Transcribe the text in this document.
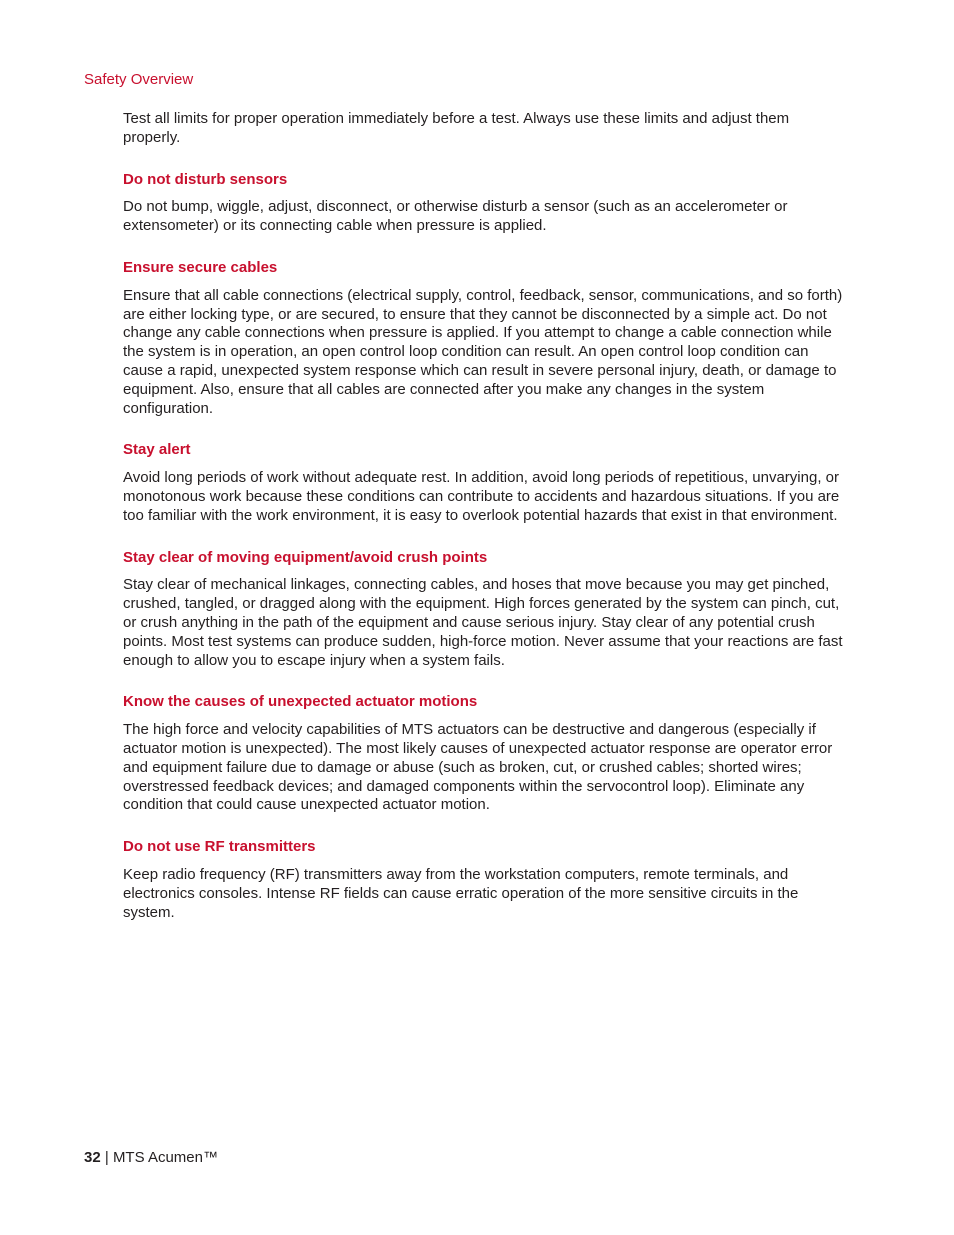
Safety Overview

Test all limits for proper operation immediately before a test. Always use these limits and adjust them properly.

Do not disturb sensors

Do not bump, wiggle, adjust, disconnect, or otherwise disturb a sensor (such as an accelerometer or extensometer) or its connecting cable when pressure is applied.

Ensure secure cables

Ensure that all cable connections (electrical supply, control, feedback, sensor, communications, and so forth) are either locking type, or are secured, to ensure that they cannot be disconnected by a simple act. Do not change any cable connections when pressure is applied. If you attempt to change a cable connection while the system is in operation, an open control loop condition can result. An open control loop condition can cause a rapid, unexpected system response which can result in severe personal injury, death, or damage to equipment. Also, ensure that all cables are connected after you make any changes in the system configuration.

Stay alert

Avoid long periods of work without adequate rest. In addition, avoid long periods of repetitious, unvarying, or monotonous work because these conditions can contribute to accidents and hazardous situations. If you are too familiar with the work environment, it is easy to overlook potential hazards that exist in that environment.

Stay clear of moving equipment/avoid crush points

Stay clear of mechanical linkages, connecting cables, and hoses that move because you may get pinched, crushed, tangled, or dragged along with the equipment. High forces generated by the system can pinch, cut, or crush anything in the path of the equipment and cause serious injury. Stay clear of any potential crush points. Most test systems can produce sudden, high-force motion. Never assume that your reactions are fast enough to allow you to escape injury when a system fails.

Know the causes of unexpected actuator motions

The high force and velocity capabilities of MTS actuators can be destructive and dangerous (especially if actuator motion is unexpected). The most likely causes of unexpected actuator response are operator error and equipment failure due to damage or abuse (such as broken, cut, or crushed cables; shorted wires; overstressed feedback devices; and damaged components within the servocontrol loop). Eliminate any condition that could cause unexpected actuator motion.

Do not use RF transmitters

Keep radio frequency (RF) transmitters away from the workstation computers, remote terminals, and electronics consoles. Intense RF fields can cause erratic operation of the more sensitive circuits in the system.

32 | MTS Acumen™
